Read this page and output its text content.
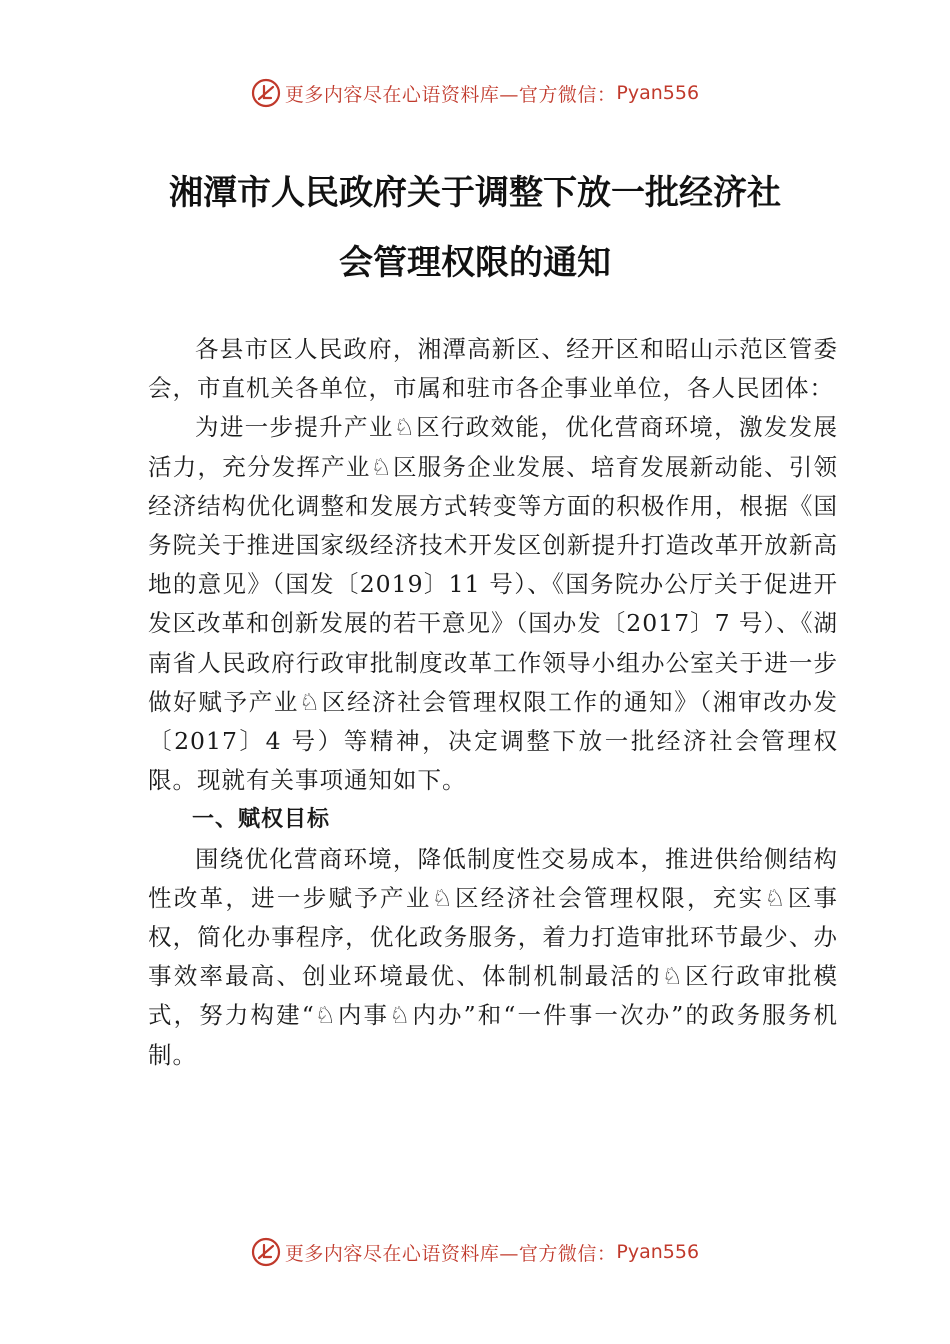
更多内容尽在心语资料库—官方微信： Pyan556
湘潭市人民政府关于调整下放一批经济社
会管理权限的通知

各县市区人民政府，湘潭高新区、经开区和昭山示范区管委会，市直机关各单位，市属和驻市各企事业单位，各人民团体：

为进一步提升产业♘区行政效能，优化营商环境，激发发展活力，充分发挥产业♘区服务企业发展、培育发展新动能、引领经济结构优化调整和发展方式转变等方面的积极作用，根据《国务院关于推进国家级经济技术开发区创新提升打造改革开放新高地的意见》（国发〔2019〕11 号）、《国务院办公厅关于促进开发区改革和创新发展的若干意见》（国办发〔2017〕7 号）、《湖南省人民政府行政审批制度改革工作领导小组办公室关于进一步做好赋予产业♘区经济社会管理权限工作的通知》（湘审改办发〔2017〕4 号）等精神，决定调整下放一批经济社会管理权限。现就有关事项通知如下。

一、赋权目标

围绕优化营商环境，降低制度性交易成本，推进供给侧结构性改革，进一步赋予产业♘区经济社会管理权限，充实♘区事权，简化办事程序，优化政务服务，着力打造审批环节最少、办事效率最高、创业环境最优、体制机制最活的♘区行政审批模式，努力构建“♘内事♘内办”和“一件事一次办”的政务服务机制。

更多内容尽在心语资料库—官方微信： Pyan556
